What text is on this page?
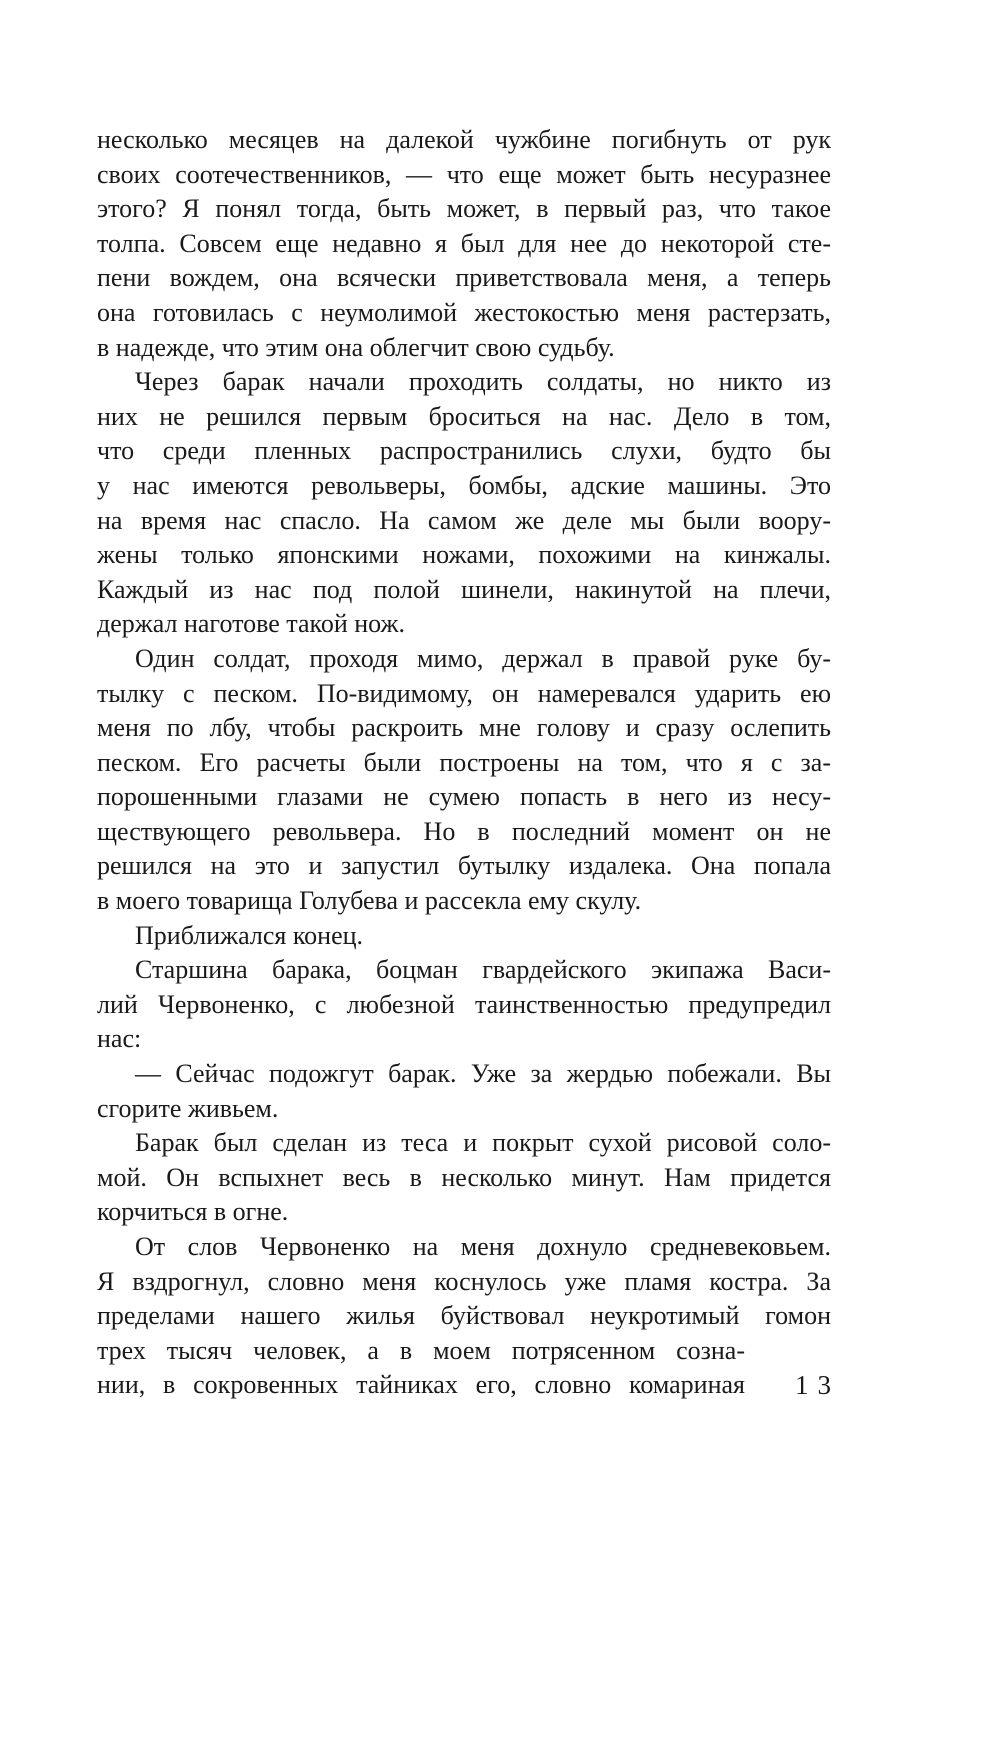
несколько месяцев на далекой чужбине погибнуть от рук
своих соотечественников, — что еще может быть несуразнее
этого? Я понял тогда, быть может, в первый раз, что такое
толпа. Совсем еще недавно я был для нее до некоторой сте-
пени вождем, она всячески приветствовала меня, а теперь
она готовилась с неумолимой жестокостью меня растерзать,
в надежде, что этим она облегчит свою судьбу.
Через барак начали проходить солдаты, но никто из
них не решился первым броситься на нас. Дело в том,
что среди пленных распространились слухи, будто бы
у нас имеются револьверы, бомбы, адские машины. Это
на время нас спасло. На самом же деле мы были воору-
жены только японскими ножами, похожими на кинжалы.
Каждый из нас под полой шинели, накинутой на плечи,
держал наготове такой нож.
Один солдат, проходя мимо, держал в правой руке бу-
тылку с песком. По-видимому, он намеревался ударить ею
меня по лбу, чтобы раскроить мне голову и сразу ослепить
песком. Его расчеты были построены на том, что я с за-
порошенными глазами не сумею попасть в него из несу-
ществующего револьвера. Но в последний момент он не
решился на это и запустил бутылку издалека. Она попала
в моего товарища Голубева и рассекла ему скулу.
Приближался конец.
Старшина барака, боцман гвардейского экипажа Васи-
лий Червоненко, с любезной таинственностью предупредил
нас:
— Сейчас подожгут барак. Уже за жердью побежали. Вы
сгорите живьем.
Барак был сделан из теса и покрыт сухой рисовой соло-
мой. Он вспыхнет весь в несколько минут. Нам придется
корчиться в огне.
От слов Червоненко на меня дохнуло средневековьем.
Я вздрогнул, словно меня коснулось уже пламя костра. За
пределами нашего жилья буйствовал неукротимый гомон
трех тысяч человек, а в моем потрясенном созна-
нии, в сокровенных тайниках его, словно комариная	13
